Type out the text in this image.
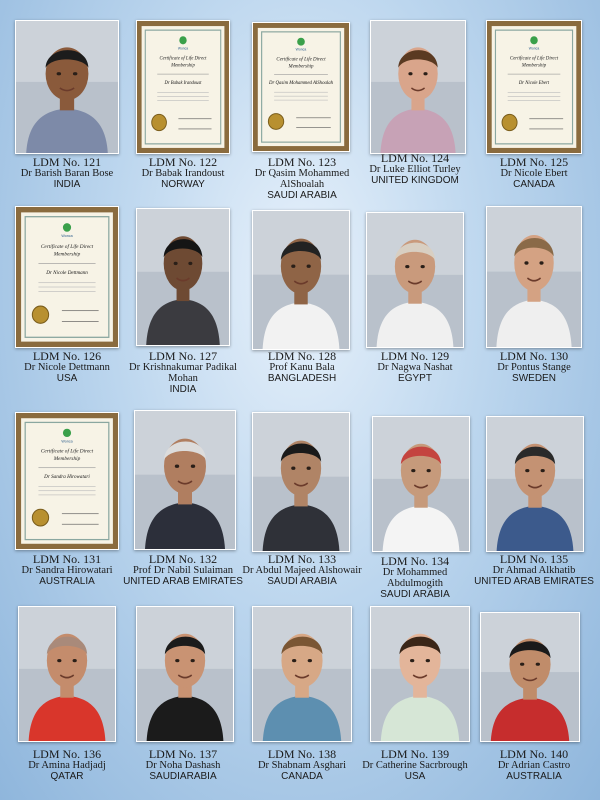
LDM No. 121
Dr Barish Baran Bose
INDIA
Wonca
Certificate of Life Direct
Membership
Dr Babak Irandoust
LDM No. 122
Dr Babak Irandoust
NORWAY
Wonca
Certificate of Life Direct
Membership
Dr Qasim Mohammed AlShoalah
LDM No. 123
Dr Qasim Mohammed AlShoalah
SAUDI ARABIA
LDM No. 124
Dr Luke Elliot Turley
UNITED KINGDOM
Wonca
Certificate of Life Direct
Membership
Dr Nicole Ebert
LDM No. 125
Dr Nicole Ebert
CANADA
Wonca
Certificate of Life Direct
Membership
Dr Nicole Dettmann
LDM No. 126
Dr Nicole Dettmann
USA
LDM No. 127
Dr Krishnakumar Padikal Mohan
INDIA
LDM No. 128
Prof Kanu Bala
BANGLADESH
LDM No. 129
Dr Nagwa Nashat
EGYPT
LDM No. 130
Dr Pontus Stange
SWEDEN
Wonca
Certificate of Life Direct
Membership
Dr Sandra Hirowatari
LDM No. 131
Dr Sandra Hirowatari
AUSTRALIA
LDM No. 132
Prof Dr Nabil Sulaiman
UNITED ARAB EMIRATES
LDM No. 133
Dr Abdul Majeed Alshowair
SAUDI ARABIA
LDM No. 134
Dr Mohammed Abdulmogith
SAUDI ARABIA
LDM No. 135
Dr Ahmad Alkhatib
UNITED ARAB EMIRATES
LDM No. 136
Dr Amina Hadjadj
QATAR
LDM No. 137
Dr Noha Dashash
SAUDIARABIA
LDM No. 138
Dr Shabnam Asghari
CANADA
LDM No. 139
Dr Catherine Sacrbrough
USA
LDM No. 140
Dr Adrian Castro
AUSTRALIA
